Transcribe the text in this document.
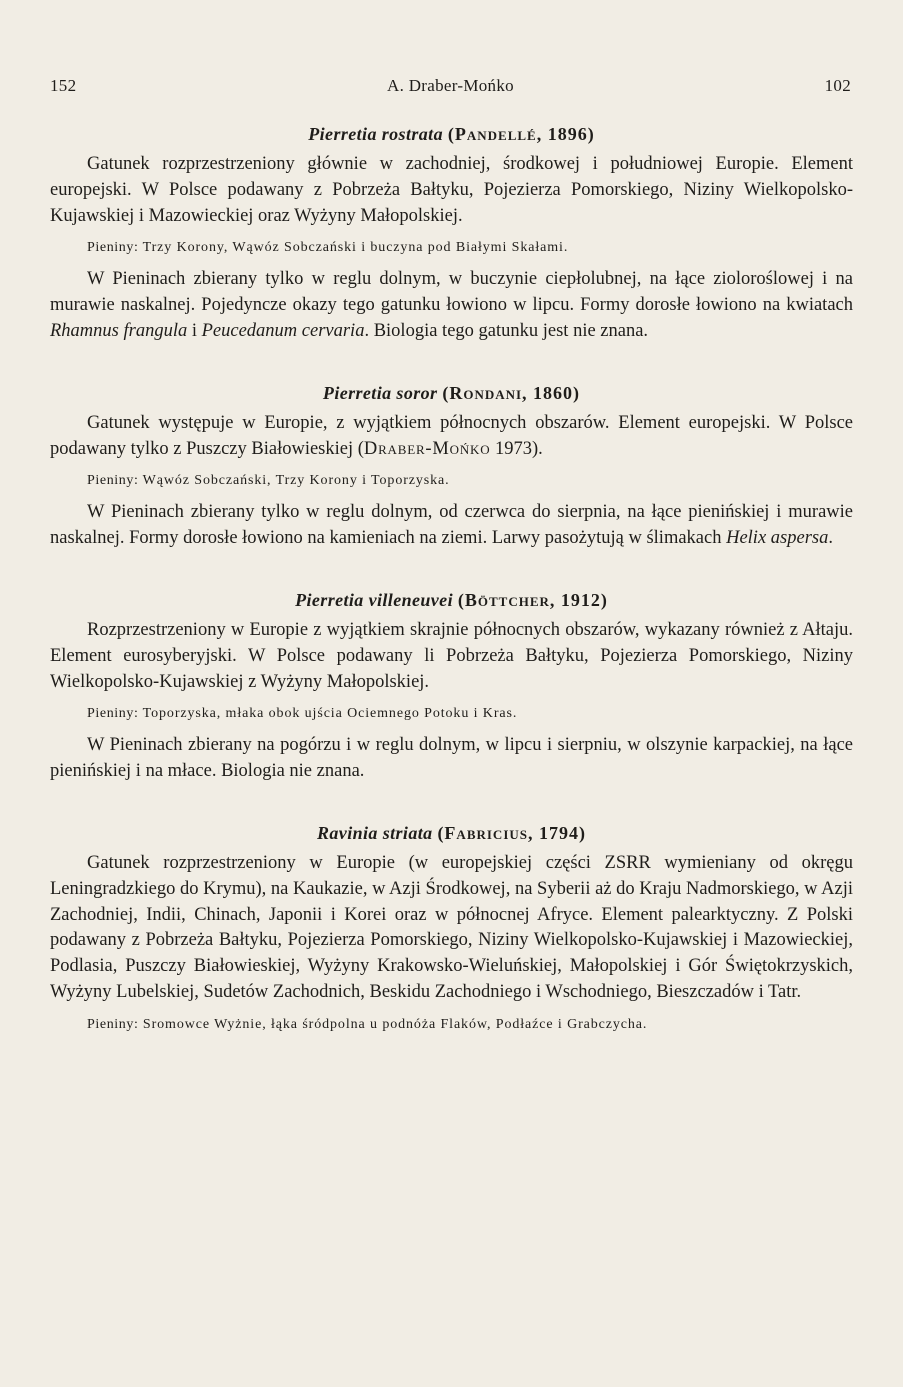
152	A. Draber-Mońko	102
Pierretia rostrata (Pandellé, 1896)

Gatunek rozprzestrzeniony głównie w zachodniej, środkowej i południowej Europie. Element europejski. W Polsce podawany z Pobrzeża Bałtyku, Pojezierza Pomorskiego, Niziny Wielkopolsko-Kujawskiej i Mazowieckiej oraz Wyżyny Małopolskiej.

Pieniny: Trzy Korony, Wąwóz Sobczański i buczyna pod Białymi Skałami.

W Pieninach zbierany tylko w reglu dolnym, w buczynie ciepłolubnej, na łące zioloroślowej i na murawie naskalnej. Pojedyncze okazy tego gatunku łowiono w lipcu. Formy dorosłe łowiono na kwiatach Rhamnus frangula i Peucedanum cervaria. Biologia tego gatunku jest nie znana.

Pierretia soror (Rondani, 1860)

Gatunek występuje w Europie, z wyjątkiem północnych obszarów. Element europejski. W Polsce podawany tylko z Puszczy Białowieskiej (Draber-Mońko 1973).

Pieniny: Wąwóz Sobczański, Trzy Korony i Toporzyska.

W Pieninach zbierany tylko w reglu dolnym, od czerwca do sierpnia, na łące pienińskiej i murawie naskalnej. Formy dorosłe łowiono na kamieniach na ziemi. Larwy pasożytują w ślimakach Helix aspersa.

Pierretia villeneuvei (Böttcher, 1912)

Rozprzestrzeniony w Europie z wyjątkiem skrajnie północnych obszarów, wykazany również z Ałtaju. Element eurosyberyjski. W Polsce podawany li Pobrzeża Bałtyku, Pojezierza Pomorskiego, Niziny Wielkopolsko-Kujawskiej z Wyżyny Małopolskiej.

Pieniny: Toporzyska, młaka obok ujścia Ociemnego Potoku i Kras.

W Pieninach zbierany na pogórzu i w reglu dolnym, w lipcu i sierpniu, w olszynie karpackiej, na łące pienińskiej i na młace. Biologia nie znana.

Ravinia striata (Fabricius, 1794)

Gatunek rozprzestrzeniony w Europie (w europejskiej części ZSRR wymieniany od okręgu Leningradzkiego do Krymu), na Kaukazie, w Azji Środkowej, na Syberii aż do Kraju Nadmorskiego, w Azji Zachodniej, Indii, Chinach, Japonii i Korei oraz w północnej Afryce. Element palearktyczny. Z Polski podawany z Pobrzeża Bałtyku, Pojezierza Pomorskiego, Niziny Wielkopolsko-Kujawskiej i Mazowieckiej, Podlasia, Puszczy Białowieskiej, Wyżyny Krakowsko-Wieluńskiej, Małopolskiej i Gór Świętokrzyskich, Wyżyny Lubelskiej, Sudetów Zachodnich, Beskidu Zachodniego i Wschodniego, Bieszczadów i Tatr.

Pieniny: Sromowce Wyżnie, łąka śródpolna u podnóża Flaków, Podłaźce i Grabczycha.
